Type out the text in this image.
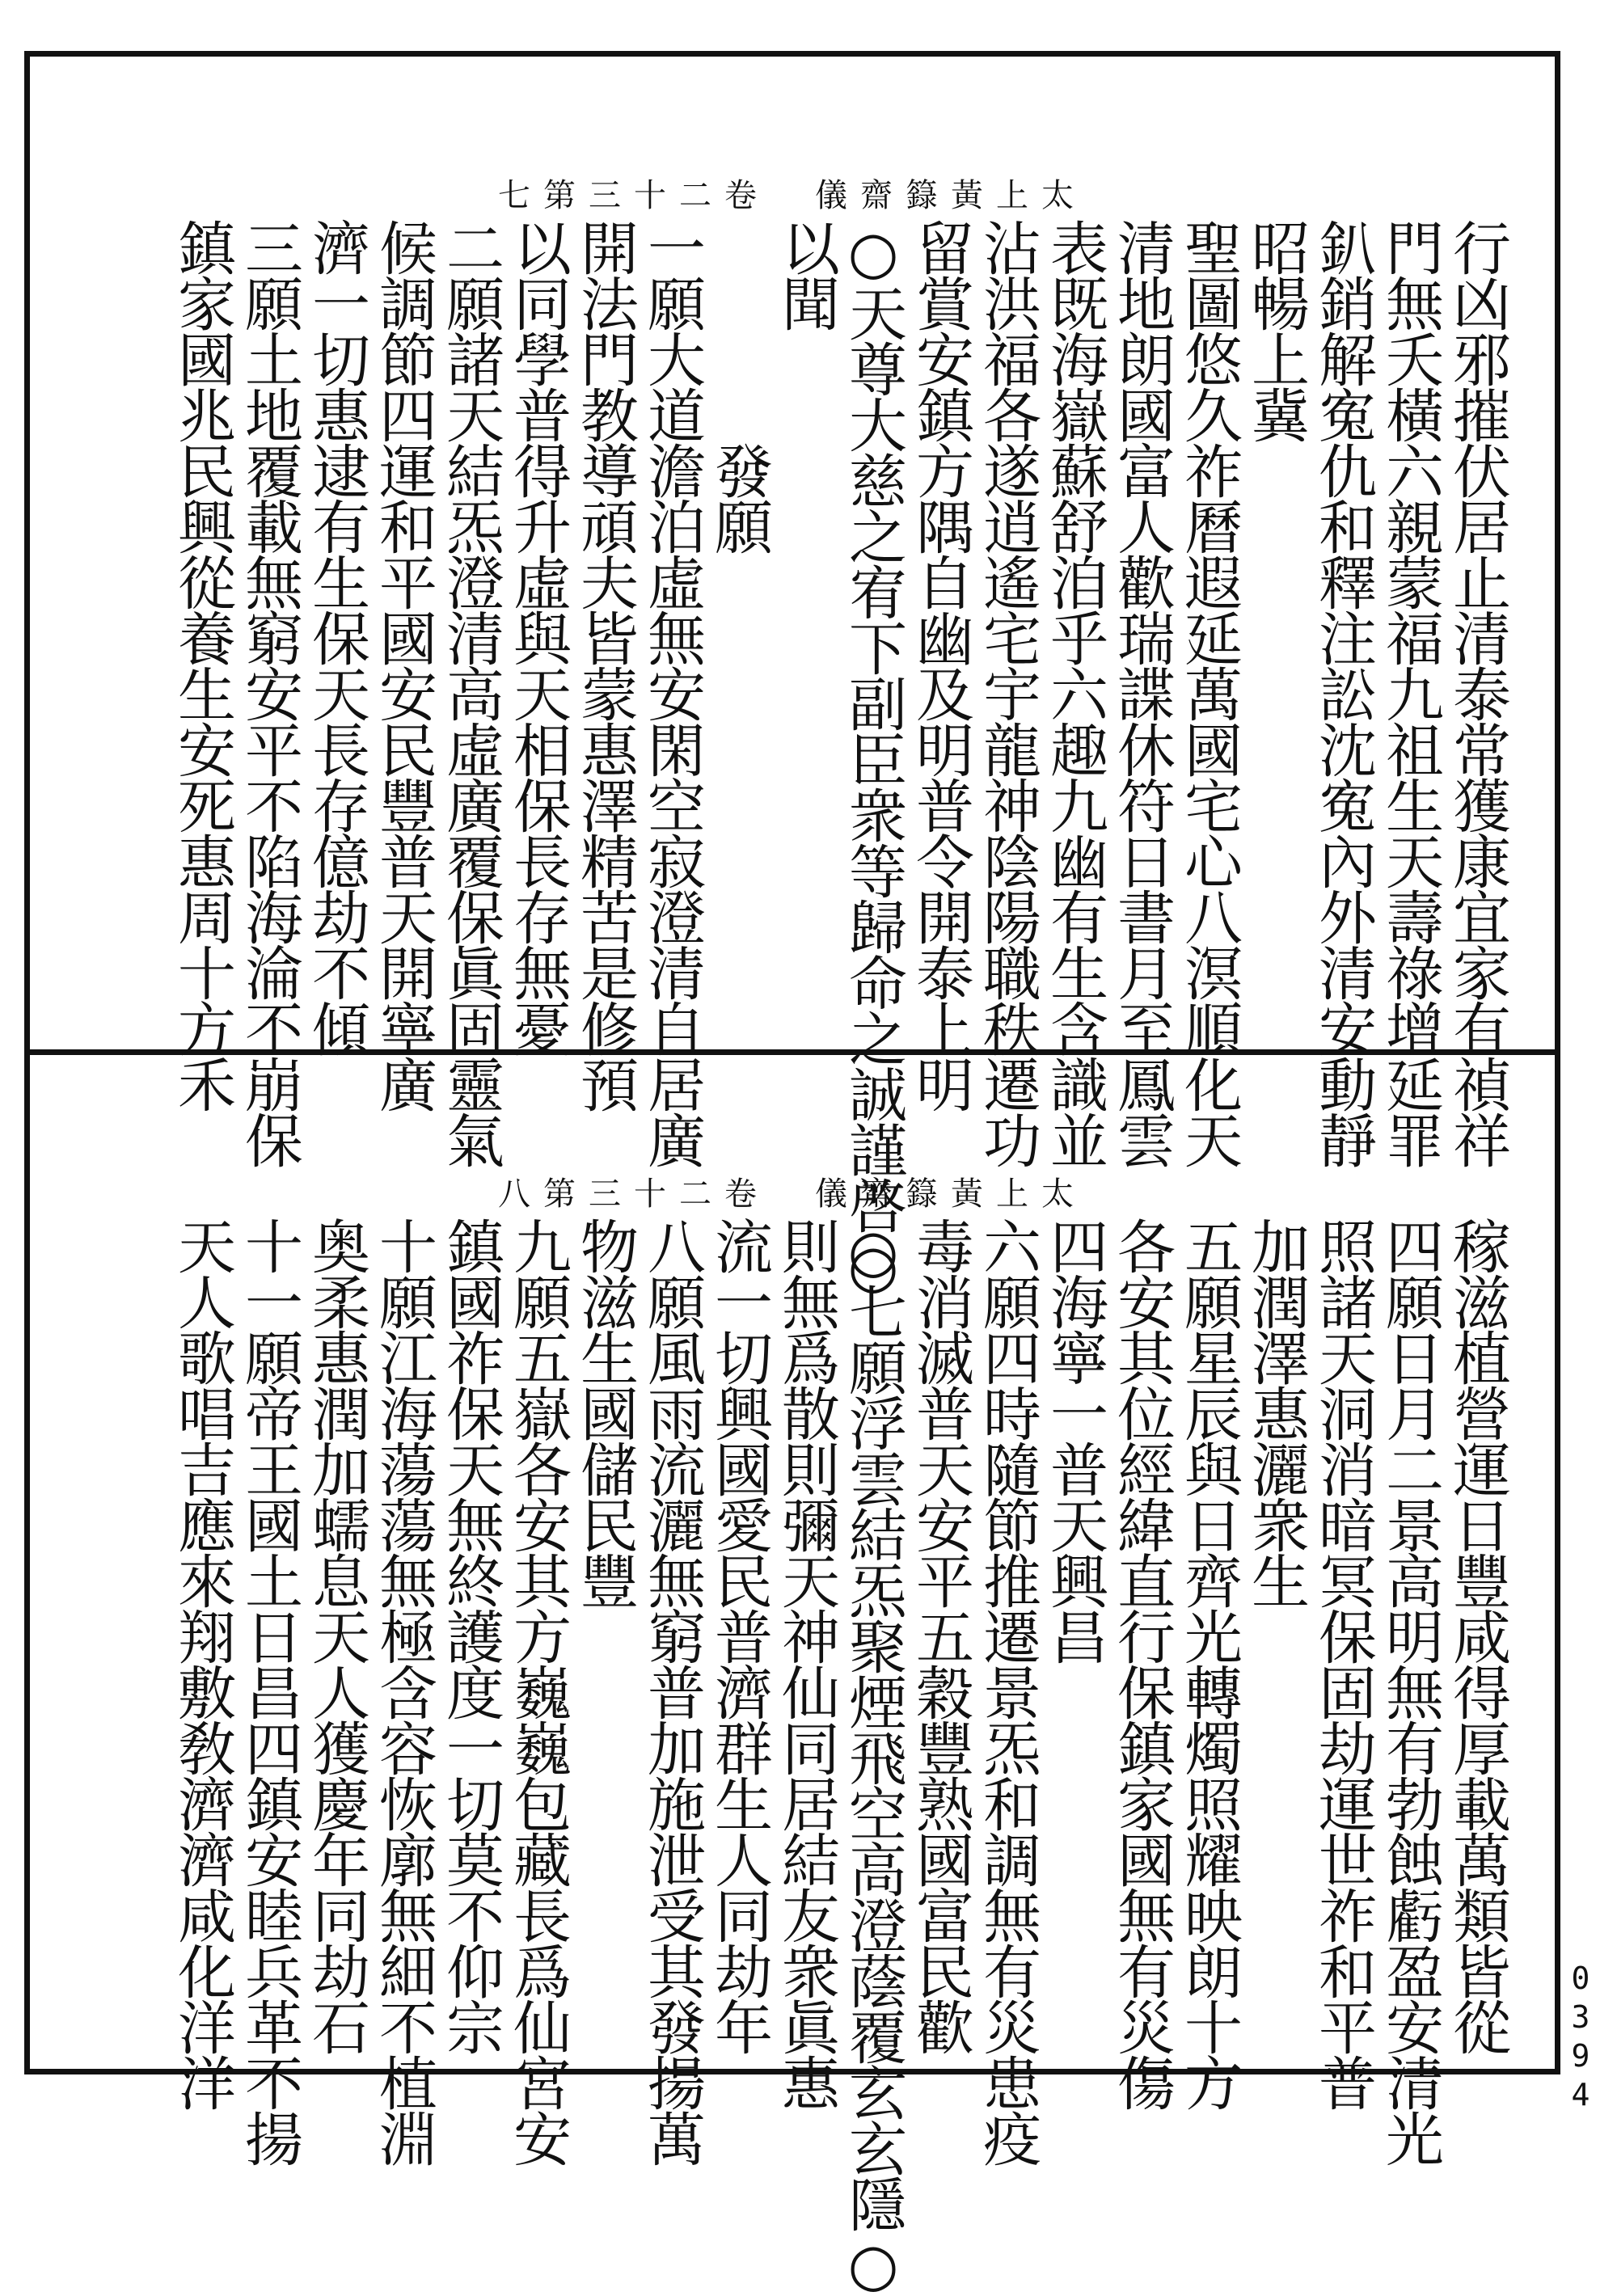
七第三十二卷　儀齋籙黃上太
行凶邪摧伏居止清泰常獲康宜家有禎祥
門無夭橫六親蒙福九祖生天壽祿增延罪
釟銷解寃仇和釋注訟沈寃內外清安動靜
昭暢上冀
聖圖悠久祚曆遐延萬國宅心八溟順化天
清地朗國富人歡瑞諜休符日書月至鳳雲
表既海嶽蘇舒洎乎六趣九幽有生含識並
沾洪福各遂逍遙宅宇龍神陰陽職秩遷功
留賞安鎮方隅自幽及明普令開泰上明
○天尊大慈之宥下副臣衆等歸命之誠謹啓○
以聞
　　　　發願
一願大道澹泊虛無安閑空寂澄清自居廣
開法門教導頑夫皆蒙惠澤精苦是修預
以同學普得升虛與天相保長存無憂
二願諸天結炁澄清高虛廣覆保眞固靈氣
候調節四運和平國安民豐普天開寧廣
濟一切惠逮有生保天長存億劫不傾
三願土地覆載無窮安平不陷海淪不崩保
鎮家國兆民興從養生安死惠周十方禾
八第三十二卷　儀齋籙黃上太
稼滋植營運日豐咸得厚載萬類皆從
四願日月二景高明無有勃蝕虧盈安清光
照諸天洞消暗冥保固劫運世祚和平普
加潤澤惠灑衆生
五願星辰與日齊光轉燭照耀映朗十方
各安其位經緯直行保鎮家國無有災傷
四海寧一普天興昌
六願四時隨節推遷景炁和調無有災患疫
毒消滅普天安平五穀豐熟國富民歡
○七願浮雲結炁聚煙飛空高澄蔭覆玄玄隱○
則無爲散則彌天神仙同居結友衆眞惠
流一切興國愛民普濟群生人同劫年
八願風雨流灑無窮普加施泄受其發揚萬
物滋生國儲民豐
九願五嶽各安其方巍巍包藏長爲仙宮安
鎮國祚保天無終護度一切莫不仰宗
十願江海蕩蕩無極含容恢廓無細不植淵
奥柔惠潤加蠕息天人獲慶年同劫石
十一願帝王國土日昌四鎮安睦兵革不揚
天人歌唱吉應來翔敷敎濟濟咸化洋洋	0394
